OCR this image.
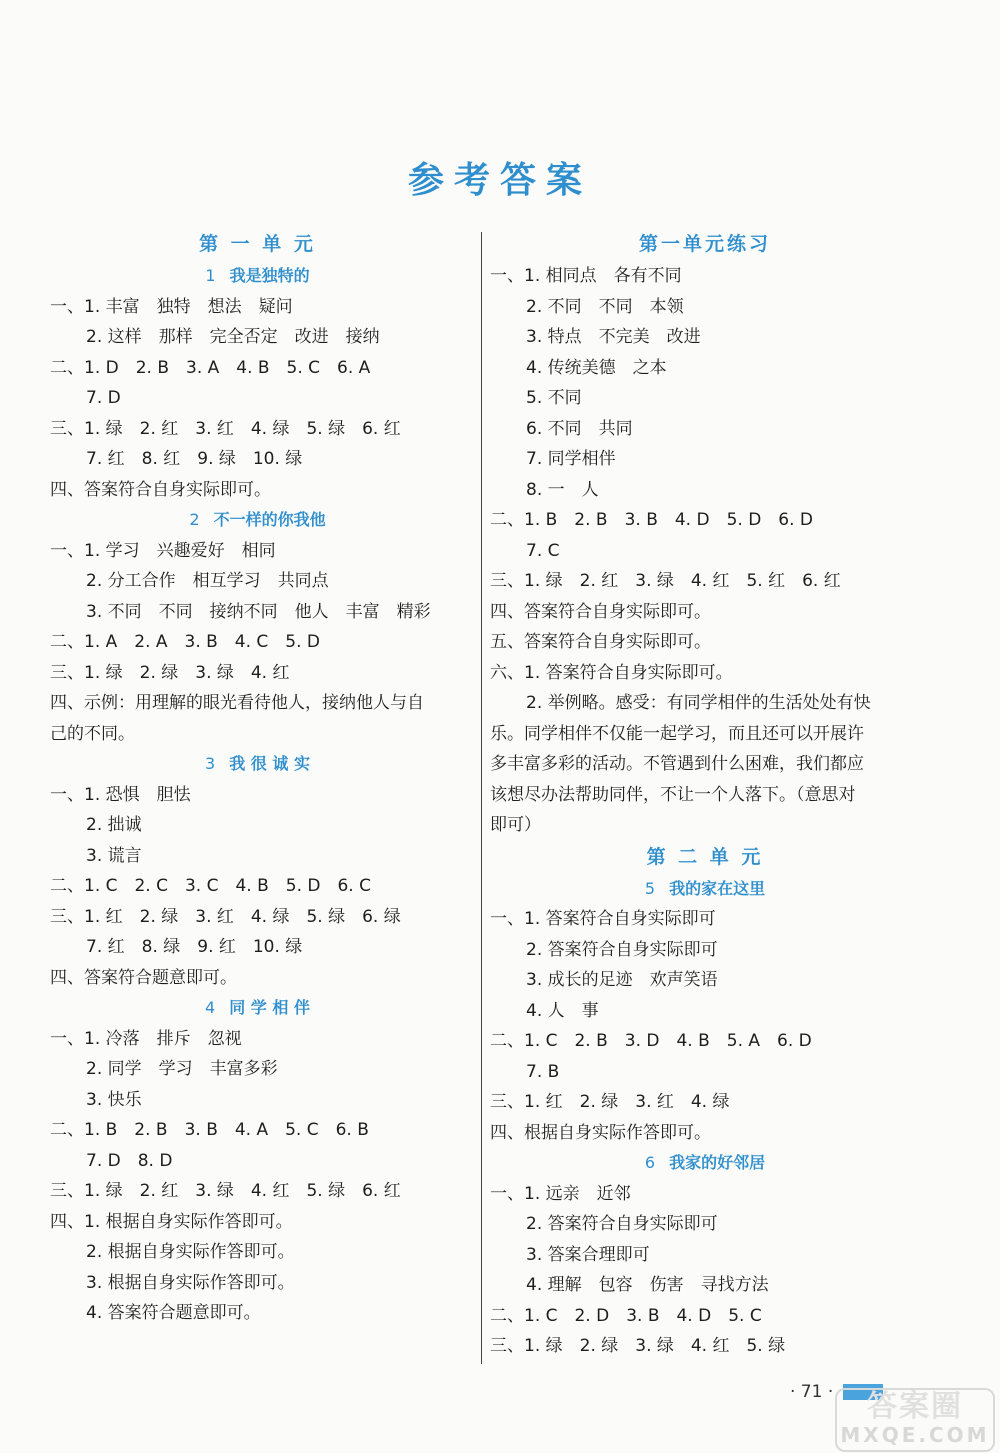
参考答案
第 一 单 元
1 我是独特的
一、1. 丰富　独特　想法　疑问
2. 这样　那样　完全否定　改进　接纳
二、1. D　2. B　3. A　4. B　5. C　6. A
7. D
三、1. 绿　2. 红　3. 红　4. 绿　5. 绿　6. 红
7. 红　8. 红　9. 绿　10. 绿
四、答案符合自身实际即可。
2 不一样的你我他
一、1. 学习　兴趣爱好　相同
2. 分工合作　相互学习　共同点
3. 不同　不同　接纳不同　他人　丰富　精彩
二、1. A　2. A　3. B　4. C　5. D
三、1. 绿　2. 绿　3. 绿　4. 红
四、示例：用理解的眼光看待他人，接纳他人与自
己的不同。
3 我 很 诚 实
一、1. 恐惧　胆怯
2. 拙诚
3. 谎言
二、1. C　2. C　3. C　4. B　5. D　6. C
三、1. 红　2. 绿　3. 红　4. 绿　5. 绿　6. 绿
7. 红　8. 绿　9. 红　10. 绿
四、答案符合题意即可。
4 同 学 相 伴
一、1. 冷落　排斥　忽视
2. 同学　学习　丰富多彩
3. 快乐
二、1. B　2. B　3. B　4. A　5. C　6. B
7. D　8. D
三、1. 绿　2. 红　3. 绿　4. 红　5. 绿　6. 红
四、1. 根据自身实际作答即可。
2. 根据自身实际作答即可。
3. 根据自身实际作答即可。
4. 答案符合题意即可。
第一单元练习
一、1. 相同点　各有不同
2. 不同　不同　本领
3. 特点　不完美　改进
4. 传统美德　之本
5. 不同
6. 不同　共同
7. 同学相伴
8. 一　人
二、1. B　2. B　3. B　4. D　5. D　6. D
7. C
三、1. 绿　2. 红　3. 绿　4. 红　5. 红　6. 红
四、答案符合自身实际即可。
五、答案符合自身实际即可。
六、1. 答案符合自身实际即可。
2. 举例略。感受：有同学相伴的生活处处有快
乐。同学相伴不仅能一起学习，而且还可以开展许
多丰富多彩的活动。不管遇到什么困难，我们都应
该想尽办法帮助同伴，不让一个人落下。（意思对
即可）
第 二 单 元
5 我的家在这里
一、1. 答案符合自身实际即可
2. 答案符合自身实际即可
3. 成长的足迹　欢声笑语
4. 人　事
二、1. C　2. B　3. D　4. B　5. A　6. D
7. B
三、1. 红　2. 绿　3. 红　4. 绿
四、根据自身实际作答即可。
6 我家的好邻居
一、1. 远亲　近邻
2. 答案符合自身实际即可
3. 答案合理即可
4. 理解　包容　伤害　寻找方法
二、1. C　2. D　3. B　4. D　5. C
三、1. 绿　2. 绿　3. 绿　4. 红　5. 绿
· 71 ·	答案圈
MXQE.COM
